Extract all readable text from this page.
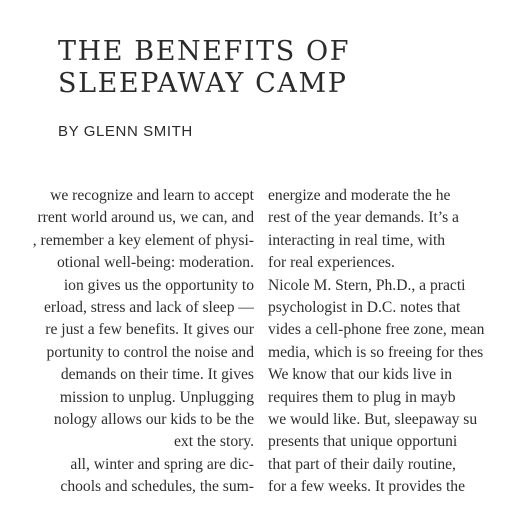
THE BENEFITS OF
SLEEPAWAY CAMP

BY GLENN SMITH

we recognize and learn to accept
rrent world around us, we can, and
, remember a key element of physi-
otional well-being: moderation.
ion gives us the opportunity to
erload, stress and lack of sleep —
re just a few benefits. It gives our
portunity to control the noise and
demands on their time. It gives
mission to unplug. Unplugging
nology allows our kids to be the
ext the story.
all, winter and spring are dic-
chools and schedules, the sum-
energize and moderate the he
rest of the year demands. It’s a
interacting in real time, with
for real experiences.
Nicole M. Stern, Ph.D., a practi
psychologist in D.C. notes that
vides a cell-phone free zone, mean
media, which is so freeing for thes
We know that our kids live in
requires them to plug in mayb
we would like. But, sleepaway su
presents that unique opportuni
that part of their daily routine,
for a few weeks. It provides the
